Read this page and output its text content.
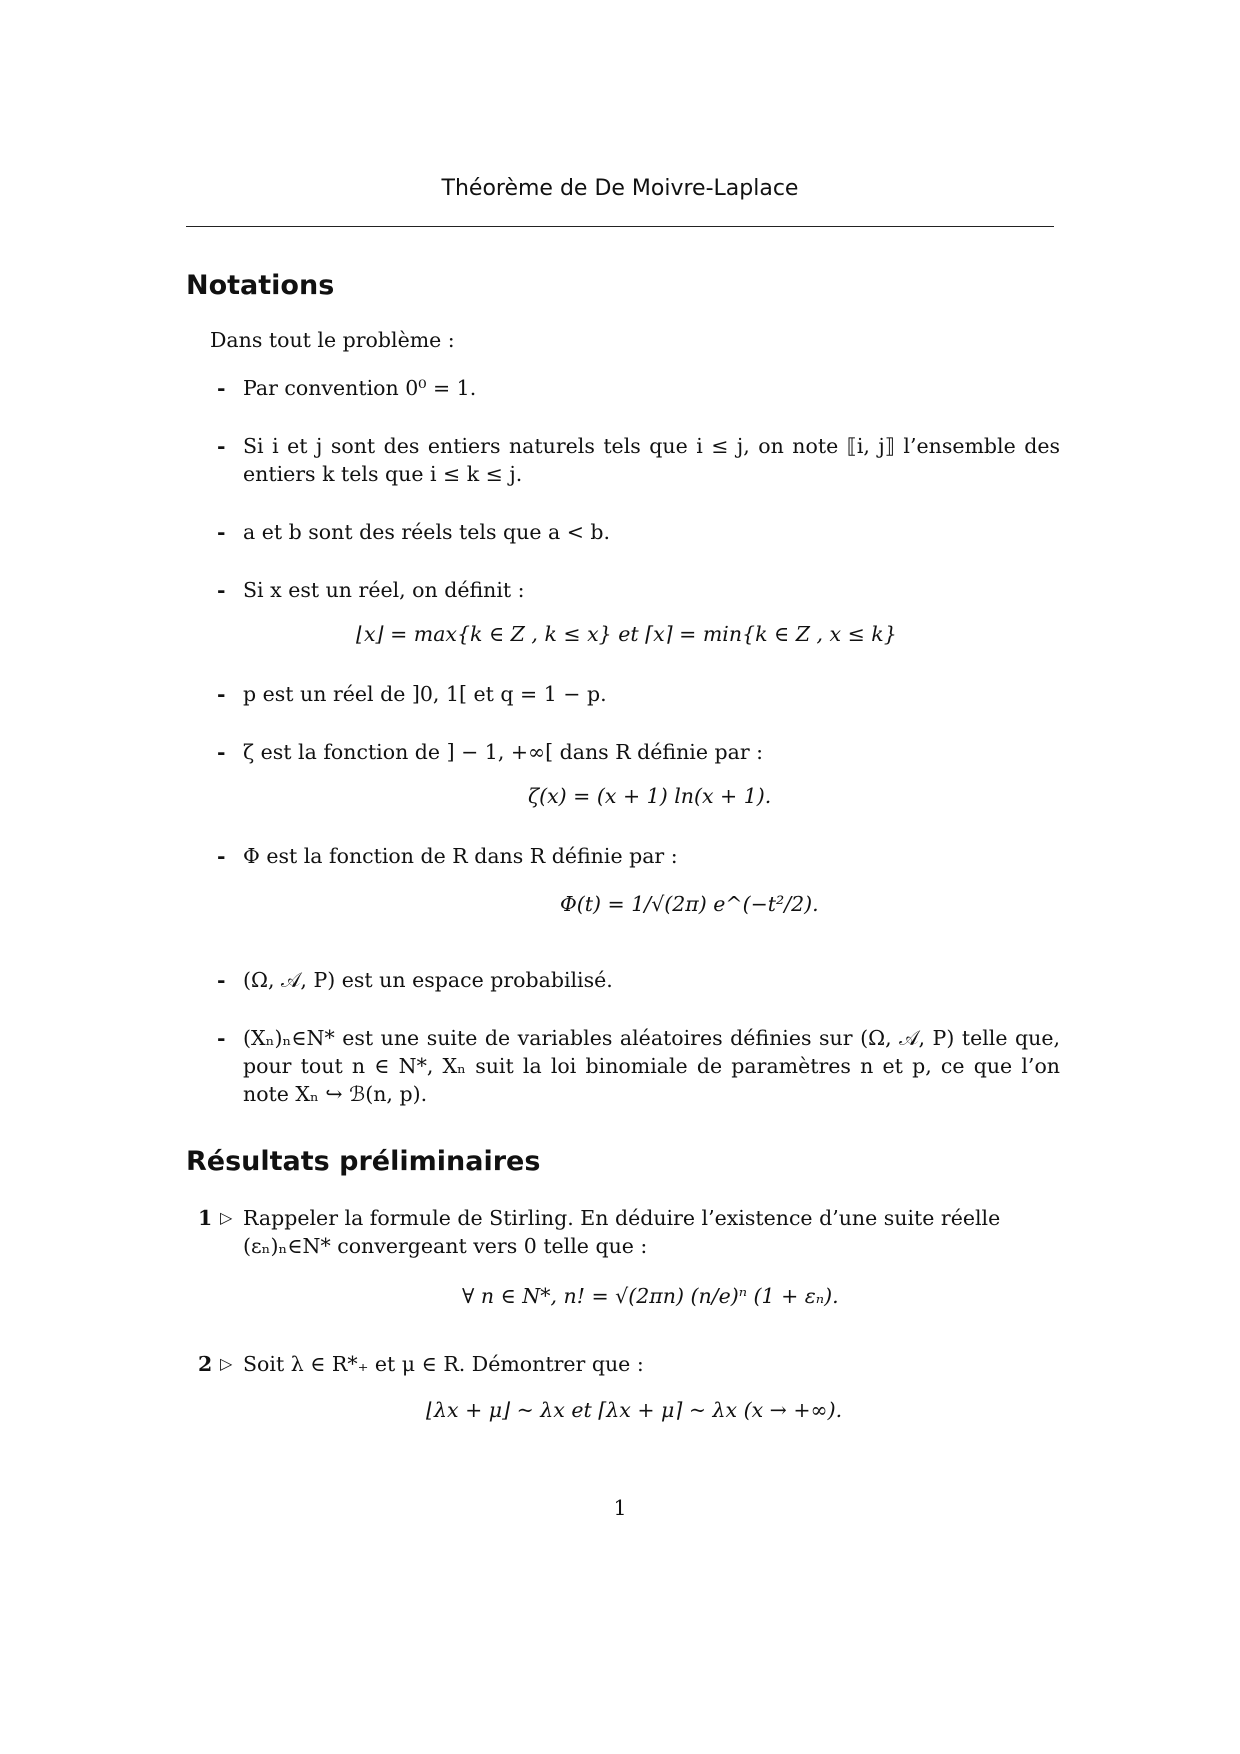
Théorème de De Moivre-Laplace
Notations
Dans tout le problème :
- Par convention 0⁰ = 1.
- Si i et j sont des entiers naturels tels que i ≤ j, on note ⟦i, j⟧ l’ensemble des entiers k tels que i ≤ k ≤ j.
- a et b sont des réels tels que a < b.
- Si x est un réel, on définit :
⌊x⌋ = max{k ∈ Z , k ≤ x} et ⌈x⌉ = min{k ∈ Z , x ≤ k}
- p est un réel de ]0, 1[ et q = 1 − p.
- ζ est la fonction de ] − 1, +∞[ dans R définie par :
ζ(x) = (x + 1) ln(x + 1).
- Φ est la fonction de R dans R définie par :
Φ(t) = 1/√(2π) e^(−t²/2).
- (Ω, 𝒜, P) est un espace probabilisé.
- (Xₙ)ₙ∈N* est une suite de variables aléatoires définies sur (Ω, 𝒜, P) telle que, pour tout n ∈ N*, Xₙ suit la loi binomiale de paramètres n et p, ce que l’on note Xₙ ↪ ℬ(n, p).
Résultats préliminaires
1 ▷ Rappeler la formule de Stirling. En déduire l’existence d’une suite réelle (εₙ)ₙ∈N* convergeant vers 0 telle que :
∀ n ∈ N*, n! = √(2πn) (n/e)ⁿ (1 + εₙ).
2 ▷ Soit λ ∈ R*₊ et μ ∈ R. Démontrer que :
⌊λx + μ⌋ ~ λx et ⌈λx + μ⌉ ~ λx (x → +∞).
1
